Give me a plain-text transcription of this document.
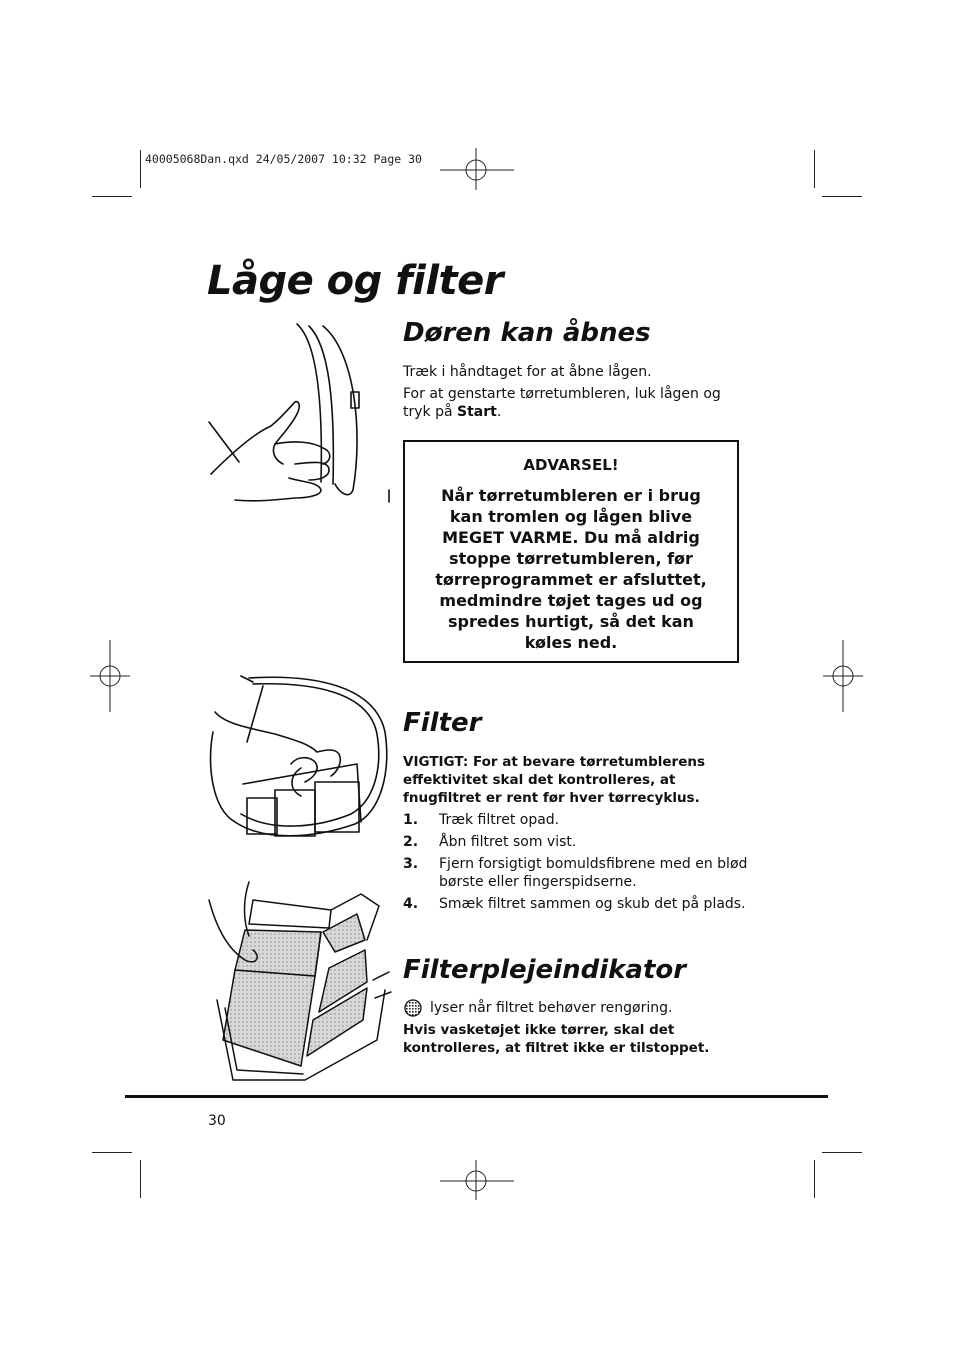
40005068Dan.qxd 24/05/2007 10:32 Page 30
Låge og filter
Døren kan åbnes

Træk i håndtaget for at åbne lågen.

For at genstarte tørretumbleren, luk lågen og tryk på Start.

ADVARSEL!
Når tørretumbleren er i brug kan tromlen og lågen blive MEGET VARME. Du må aldrig stoppe tørretumbleren, før tørreprogrammet er afsluttet, medmindre tøjet tages ud og spredes hurtigt, så det kan køles ned.
Filter

VIGTIGT: For at bevare tørretumblerens effektivitet skal det kontrolleres, at fnugfiltret er rent før hver tørrecyklus.

1.	Træk filtret opad.
2.	Åbn filtret som vist.
3.	Fjern forsigtigt bomuldsfibrene med en blød børste eller fingerspidserne.
4.	Smæk filtret sammen og skub det på plads.
Filterplejeindikator
lyser når filtret behøver rengøring.

Hvis vasketøjet ikke tørrer, skal det kontrolleres, at filtret ikke er tilstoppet.

30
